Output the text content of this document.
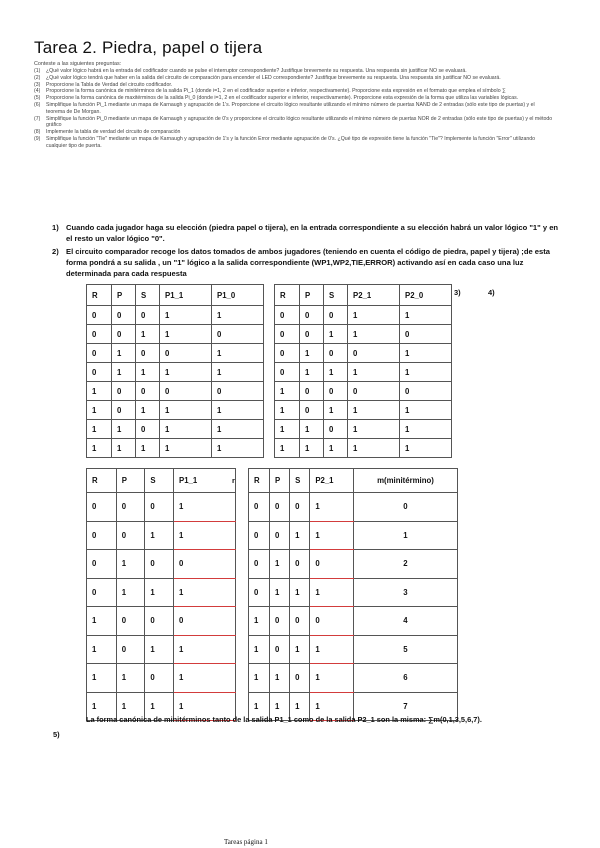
Tarea 2. Piedra, papel o tijera
Conteste a las siguientes preguntas:
(1)	¿Qué valor lógico habrá en la entrada del codificador cuando se pulse el interruptor correspondiente? Justifique brevemente su respuesta. Una respuesta sin justificar NO se evaluará.
(2)	¿Qué valor lógico tendrá que haber en la salida del circuito de comparación para encender el LED correspondiente? Justifique brevemente su respuesta. Una respuesta sin justificar NO se evaluará.
(3)	Proporcione la Tabla de Verdad del circuito codificador.
(4)	Proporcione la forma canónica de minitérminos de la salida Pi_1 (donde i=1, 2 en el codificador superior e inferior, respectivamente). Proporcione esta expresión en el formato que emplea el símbolo ∑
(5)	Proporcione la forma canónica de maxitérminos de la salida Pi_0 (donde i=1, 2 en el codificador superior e inferior, respectivamente). Proporcione esta expresión de la forma que utiliza las variables lógicas.
(6)	Simplifique la función Pi_1 mediante un mapa de Karnaugh y agrupación de 1's. Proporcione el circuito lógico resultante utilizando el mínimo número de puertas NAND de 2 entradas (sólo este tipo de puertas) y el teorema de De Morgan.
(7)	Simplifique la función Pi_0 mediante un mapa de Karnaugh y agrupación de 0's y proporcione el circuito lógico resultante utilizando el mínimo número de puertas NOR de 2 entradas (sólo este tipo de puertas) y el método gráfico
(8)	Implemente la tabla de verdad del circuito de comparación
(9)	Simplifique la función "Tie" mediante un mapa de Karnaugh y agrupación de 1's y la función Error mediante agrupación de 0's. ¿Qué tipo de expresión tiene la función "Tie"? Implemente la función "Error" utilizando cualquier tipo de puerta.
1) Cuando cada jugador haga su elección (piedra papel o tijera), en la entrada correspondiente a su elección habrá un valor lógico "1" y en el resto un valor lógico "0".
2) El circuito comparador recoge los datos tomados de ambos jugadores (teniendo en cuenta el código de piedra, papel y tijera) ;de esta forma pondrá a su salida , un "1" lógico a la salida correspondiente (WP1,WP2,TIE,ERROR) activando así en cada caso una luz determinada para cada respuesta
R	P	S	P1_1	P1_0
0	0	0	1	1
0	0	1	1	0
0	1	0	0	1
0	1	1	1	1
1	0	0	0	0
1	0	1	1	1
1	1	0	1	1
1	1	1	1	1
R	P	S	P2_1	P2_0
0	0	0	1	1
0	0	1	1	0
0	1	0	0	1
0	1	1	1	1
1	0	0	0	0
1	0	1	1	1
1	1	0	1	1
1	1	1	1	1
3)	4)
R	P	S	P1_1
0	0	0	1
0	0	1	1
0	1	0	0
0	1	1	1
1	0	0	0
1	0	1	1
1	1	0	1
1	1	1	1
r R	P	S	P2_1	m(minitérmino)
0	0	0	1	0
0	0	1	1	1
0	1	0	0	2
0	1	1	1	3
1	0	0	0	4
1	0	1	1	5
1	1	0	1	6
1	1	1	1	7
La forma canónica de minitérminos tanto de la salida P1_1 como de la salida P2_1 son la misma: ∑m(0,1,3,5,6,7).
5)
Tareas página 1
